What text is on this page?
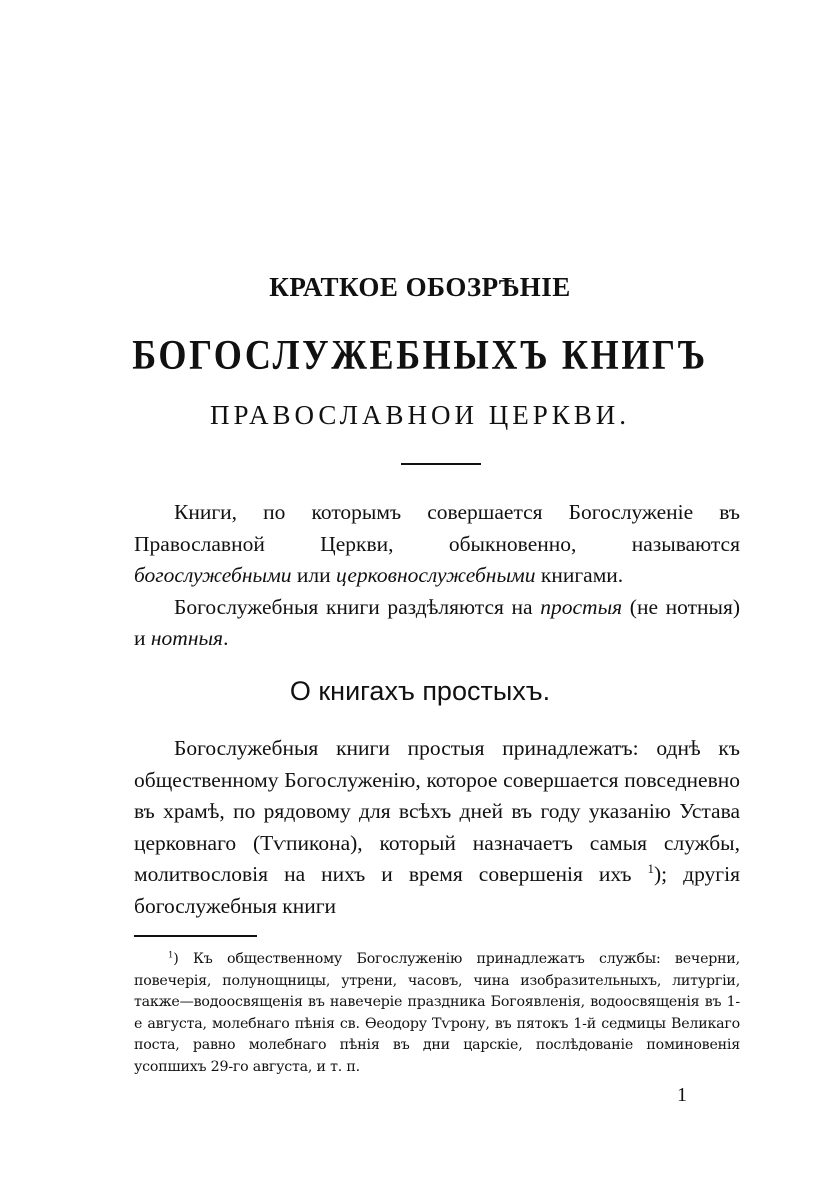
КРАТКОЕ ОБОЗРѢНІЕ
БОГОСЛУЖЕБНЫХЪ КНИГЪ
ПРАВОСЛАВНОИ ЦЕРКВИ.

Книги, по которымъ совершается Богослуженіе въ Православной Церкви, обыкновенно, называются богослужебными или церковнослужебными книгами.

Богослужебныя книги раздѣляются на простыя (не нотныя) и нотныя.

О книгахъ простыхъ.

Богослужебныя книги простыя принадлежатъ: однѣ къ общественному Богослуженію, которое совершается повседневно въ храмѣ, по рядовому для всѣхъ дней въ году указанію Устава церковнаго (Тѵпикона), который назначаетъ самыя службы, молитвословія на нихъ и время совершенія ихъ $^1$); другія богослужебныя книги

$^1$) Къ общественному Богослуженію принадлежатъ службы: вечерни, повечерія, полунощницы, утрени, часовъ, чина изобразительныхъ, литургіи, также—водоосвященія въ навечеріе праздника Богоявленія, водоосвященія въ 1-е августа, молебнаго пѣнія св. Ѳеодору Тѵрону, въ пятокъ 1-й седмицы Великаго поста, равно молебнаго пѣнія въ дни царскіе, послѣдованіе поминовенія усопшихъ 29-го августа, и т. п.

1
